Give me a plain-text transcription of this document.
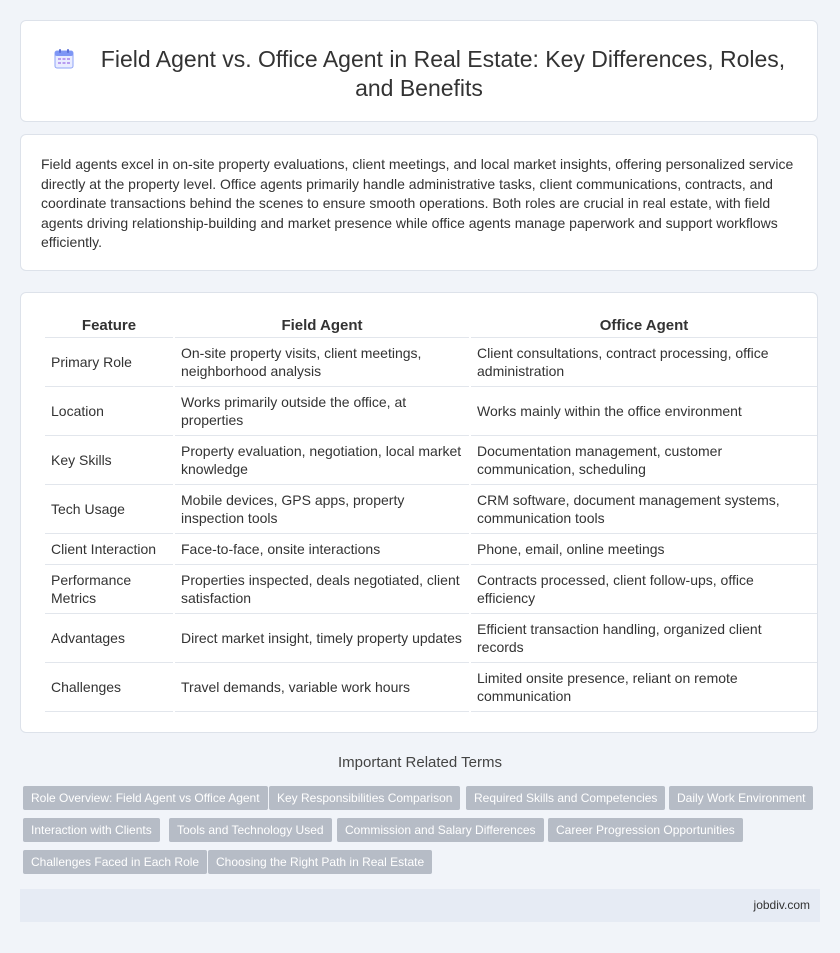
Field Agent vs. Office Agent in Real Estate: Key Differences, Roles, and Benefits
Field agents excel in on-site property evaluations, client meetings, and local market insights, offering personalized service directly at the property level. Office agents primarily handle administrative tasks, client communications, contracts, and coordinate transactions behind the scenes to ensure smooth operations. Both roles are crucial in real estate, with field agents driving relationship-building and market presence while office agents manage paperwork and support workflows efficiently.
Feature	Field Agent	Office Agent
Primary Role	On-site property visits, client meetings, neighborhood analysis	Client consultations, contract processing, office administration
Location	Works primarily outside the office, at properties	Works mainly within the office environment
Key Skills	Property evaluation, negotiation, local market knowledge	Documentation management, customer communication, scheduling
Tech Usage	Mobile devices, GPS apps, property inspection tools	CRM software, document management systems, communication tools
Client Interaction	Face-to-face, onsite interactions	Phone, email, online meetings
Performance Metrics	Properties inspected, deals negotiated, client satisfaction	Contracts processed, client follow-ups, office efficiency
Advantages	Direct market insight, timely property updates	Efficient transaction handling, organized client records
Challenges	Travel demands, variable work hours	Limited onsite presence, reliant on remote communication
Important Related Terms
Role Overview: Field Agent vs Office Agent	Key Responsibilities Comparison	Required Skills and Competencies	Daily Work Environment
Interaction with Clients	Tools and Technology Used	Commission and Salary Differences	Career Progression Opportunities
Challenges Faced in Each Role	Choosing the Right Path in Real Estate
jobdiv.com
